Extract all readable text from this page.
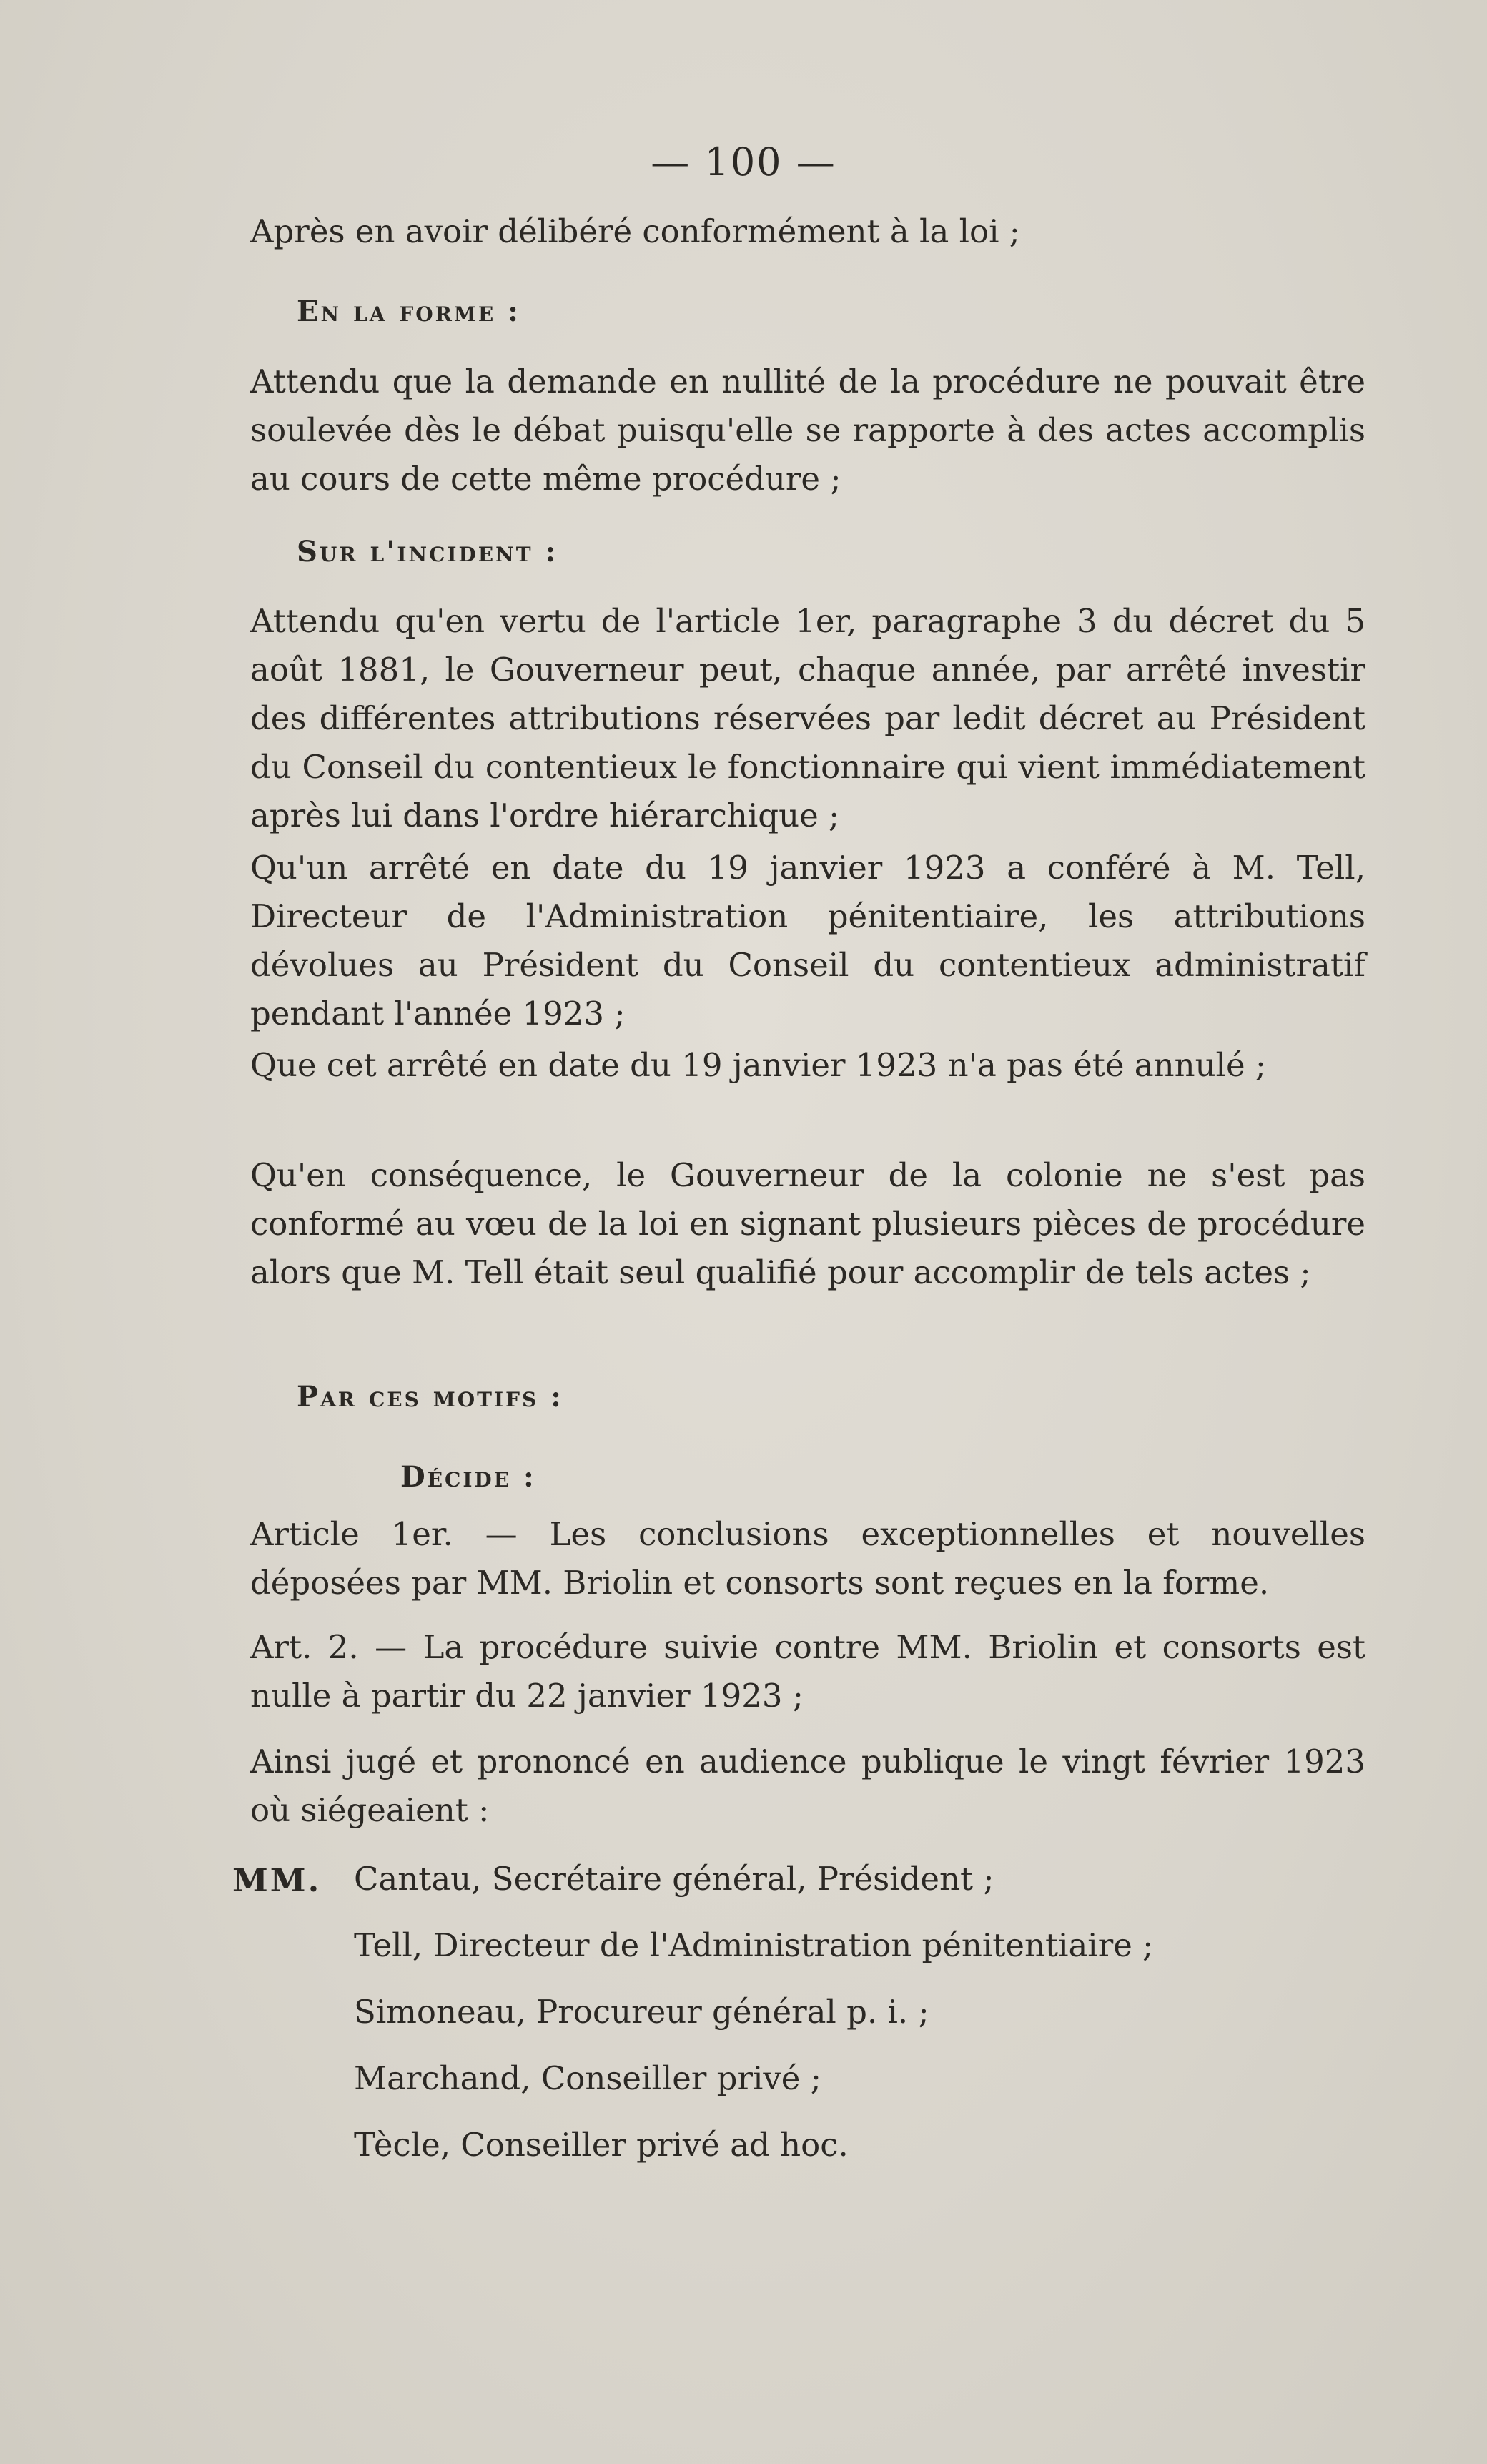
— 100 —

Après en avoir délibéré conformément à la loi ;

En la forme :

Attendu que la demande en nullité de la procédure ne pouvait être soulevée dès le débat puisqu'elle se rapporte à des actes accomplis au cours de cette même procédure ;

Sur l'incident :

Attendu qu'en vertu de l'article 1er, paragraphe 3 du décret du 5 août 1881, le Gouverneur peut, chaque année, par arrêté investir des différentes attributions réservées par ledit décret au Président du Conseil du contentieux le fonctionnaire qui vient immédiatement après lui dans l'ordre hiérarchique ;

Qu'un arrêté en date du 19 janvier 1923 a conféré à M. Tell, Directeur de l'Administration pénitentiaire, les attributions dévolues au Président du Conseil du contentieux administratif pendant l'année 1923 ;

Que cet arrêté en date du 19 janvier 1923 n'a pas été annulé ;

Qu'en conséquence, le Gouverneur de la colonie ne s'est pas conformé au vœu de la loi en signant plusieurs pièces de procédure alors que M. Tell était seul qualifié pour accomplir de tels actes ;

Par ces motifs :
Décide :

Article 1er. — Les conclusions exceptionnelles et nouvelles déposées par MM. Briolin et consorts sont reçues en la forme.

Art. 2. — La procédure suivie contre MM. Briolin et consorts est nulle à partir du 22 janvier 1923 ;

Ainsi jugé et prononcé en audience publique le vingt février 1923 où siégeaient :

MM. Cantau, Secrétaire général, Président ;
Tell, Directeur de l'Administration pénitentiaire ;
Simoneau, Procureur général p. i. ;
Marchand, Conseiller privé ;
Tècle, Conseiller privé ad hoc.
